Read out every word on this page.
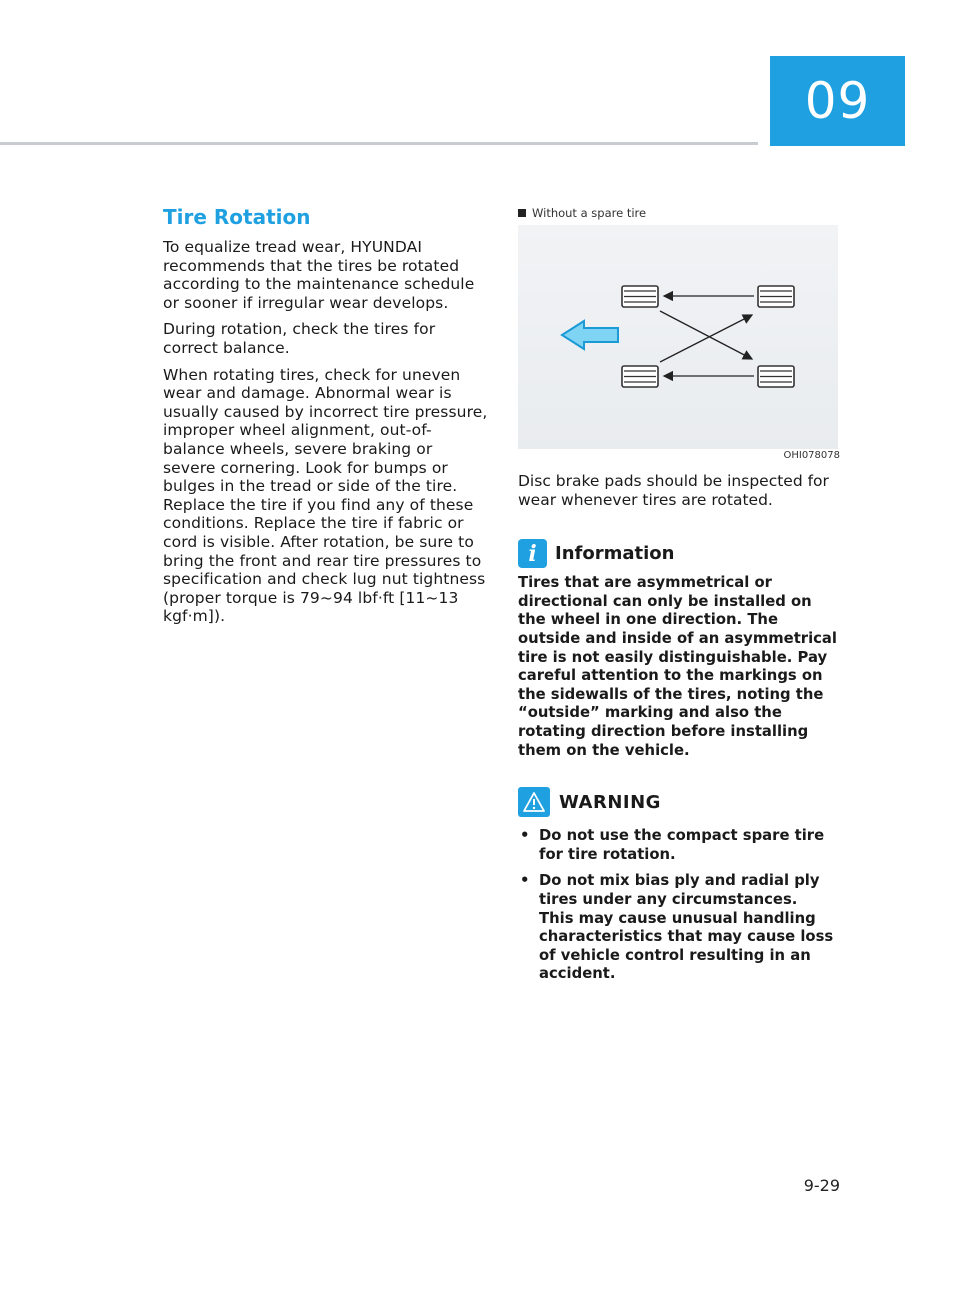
09
Tire Rotation

To equalize tread wear, HYUNDAI recommends that the tires be rotated according to the maintenance schedule or sooner if irregular wear develops.

During rotation, check the tires for correct balance.

When rotating tires, check for uneven wear and damage. Abnormal wear is usually caused by incorrect tire pressure, improper wheel alignment, out-of-balance wheels, severe braking or severe cornering. Look for bumps or bulges in the tread or side of the tire. Replace the tire if you find any of these conditions. Replace the tire if fabric or cord is visible. After rotation, be sure to bring the front and rear tire pressures to specification and check lug nut tightness (proper torque is 79~94 lbf·ft [11~13 kgf·m]).

Without a spare tire
OHI078078

Disc brake pads should be inspected for wear whenever tires are rotated.

i	Information

Tires that are asymmetrical or directional can only be installed on the wheel in one direction. The outside and inside of an asymmetrical tire is not easily distinguishable. Pay careful attention to the markings on the sidewalls of the tires, noting the “outside” marking and also the rotating direction before installing them on the vehicle.

WARNING
• Do not use the compact spare tire for tire rotation.
• Do not mix bias ply and radial ply tires under any circumstances.
This may cause unusual handling characteristics that may cause loss of vehicle control resulting in an accident.
9-29
